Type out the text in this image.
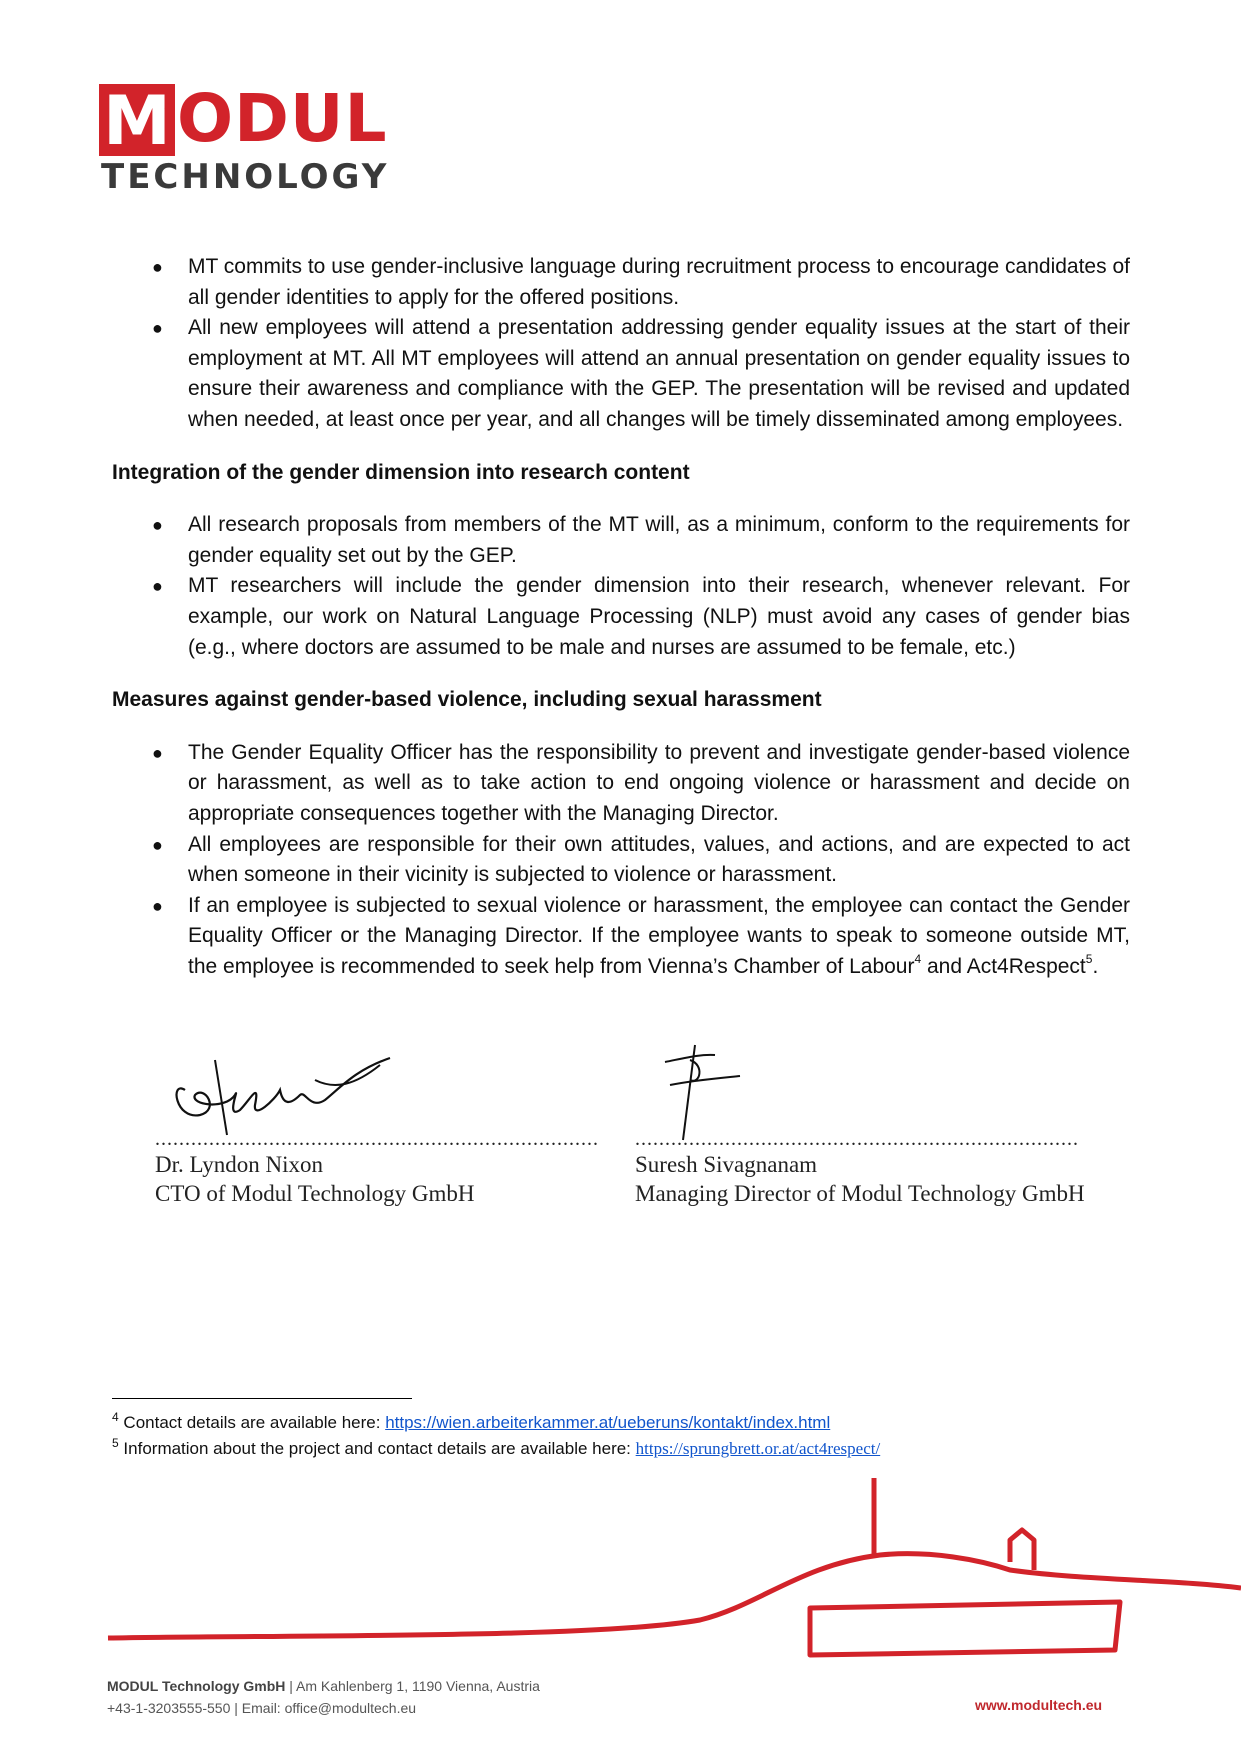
M ODUL
TECHNOLOGY
● MT commits to use gender-inclusive language during recruitment process to encourage candidates of all gender identities to apply for the offered positions.
● All new employees will attend a presentation addressing gender equality issues at the start of their employment at MT. All MT employees will attend an annual presentation on gender equality issues to ensure their awareness and compliance with the GEP. The presentation will be revised and updated when needed, at least once per year, and all changes will be timely disseminated among employees.
Integration of the gender dimension into research content
● All research proposals from members of the MT will, as a minimum, conform to the requirements for gender equality set out by the GEP.
● MT researchers will include the gender dimension into their research, whenever relevant. For example, our work on Natural Language Processing (NLP) must avoid any cases of gender bias (e.g., where doctors are assumed to be male and nurses are assumed to be female, etc.)
Measures against gender-based violence, including sexual harassment
● The Gender Equality Officer has the responsibility to prevent and investigate gender-based violence or harassment, as well as to take action to end ongoing violence or harassment and decide on appropriate consequences together with the Managing Director.
● All employees are responsible for their own attitudes, values, and actions, and are expected to act when someone in their vicinity is subjected to violence or harassment.
● If an employee is subjected to sexual violence or harassment, the employee can contact the Gender Equality Officer or the Managing Director. If the employee wants to speak to someone outside MT, the employee is recommended to seek help from Vienna’s Chamber of Labour$^4$ and Act4Respect$^5$.
..........................................................................
Dr. Lyndon Nixon
CTO of Modul Technology GmbH
..........................................................................
Suresh Sivagnanam
Managing Director of Modul Technology GmbH
$^4$ Contact details are available here: https://wien.arbeiterkammer.at/ueberuns/kontakt/index.html
$^5$ Information about the project and contact details are available here: https://sprungbrett.or.at/act4respect/
MODUL Technology GmbH | Am Kahlenberg 1, 1190 Vienna, Austria
+43-1-3203555-550 | Email: office@modultech.eu	www.modultech.eu
